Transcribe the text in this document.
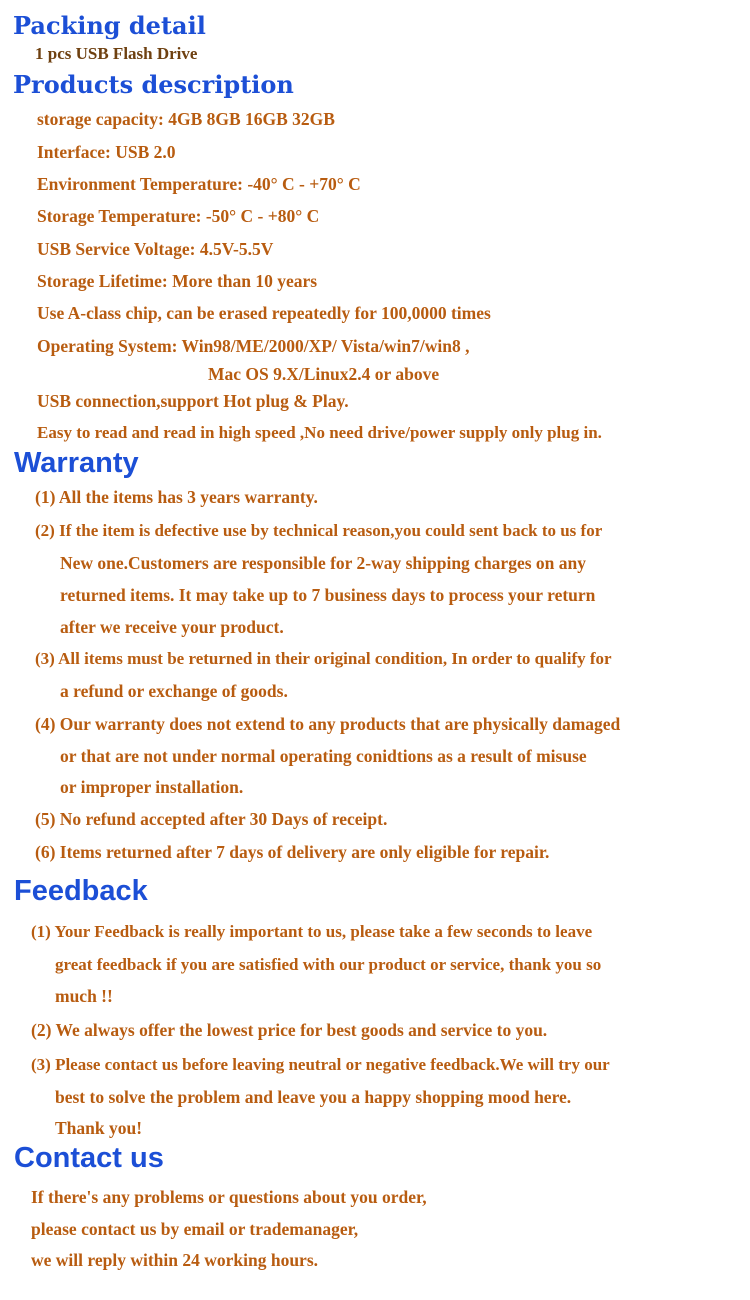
Packing detail

1 pcs USB Flash Drive

Products description

storage capacity: 4GB 8GB 16GB 32GB

Interface: USB 2.0

Environment Temperature: -40° C - +70° C

Storage Temperature: -50° C - +80° C

USB Service Voltage: 4.5V-5.5V

Storage Lifetime: More than 10 years

Use A-class chip, can be erased repeatedly for 100,0000 times

Operating System: Win98/ME/2000/XP/ Vista/win7/win8 ,

Mac OS 9.X/Linux2.4 or above

USB connection,support Hot plug & Play.

Easy to read and read in high speed ,No need drive/power supply only plug in.

Warranty

(1) All the items has 3 years warranty.

(2) If the item is defective use by technical reason,you could sent back to us for

New one.Customers are responsible for 2-way shipping charges on any

returned items. It may take up to 7 business days to process your return

after we receive your product.

(3) All items must be returned in their original condition, In order to qualify for

a refund or exchange of goods.

(4) Our warranty does not extend to any products that are physically damaged

or that are not under normal operating conidtions as a result of misuse

or improper installation.

(5) No refund accepted after 30 Days of receipt.

(6) Items returned after 7 days of delivery are only eligible for repair.

Feedback

(1) Your Feedback is really important to us, please take a few seconds to leave

great feedback if you are satisfied with our product or service, thank you so

much !!

(2) We always offer the lowest price for best goods and service to you.

(3) Please contact us before leaving neutral or negative feedback.We will try our

best to solve the problem and leave you a happy shopping mood here.

Thank you!

Contact us

If there's any problems or questions about you order,

please contact us by email or trademanager,

we will reply within 24 working hours.
